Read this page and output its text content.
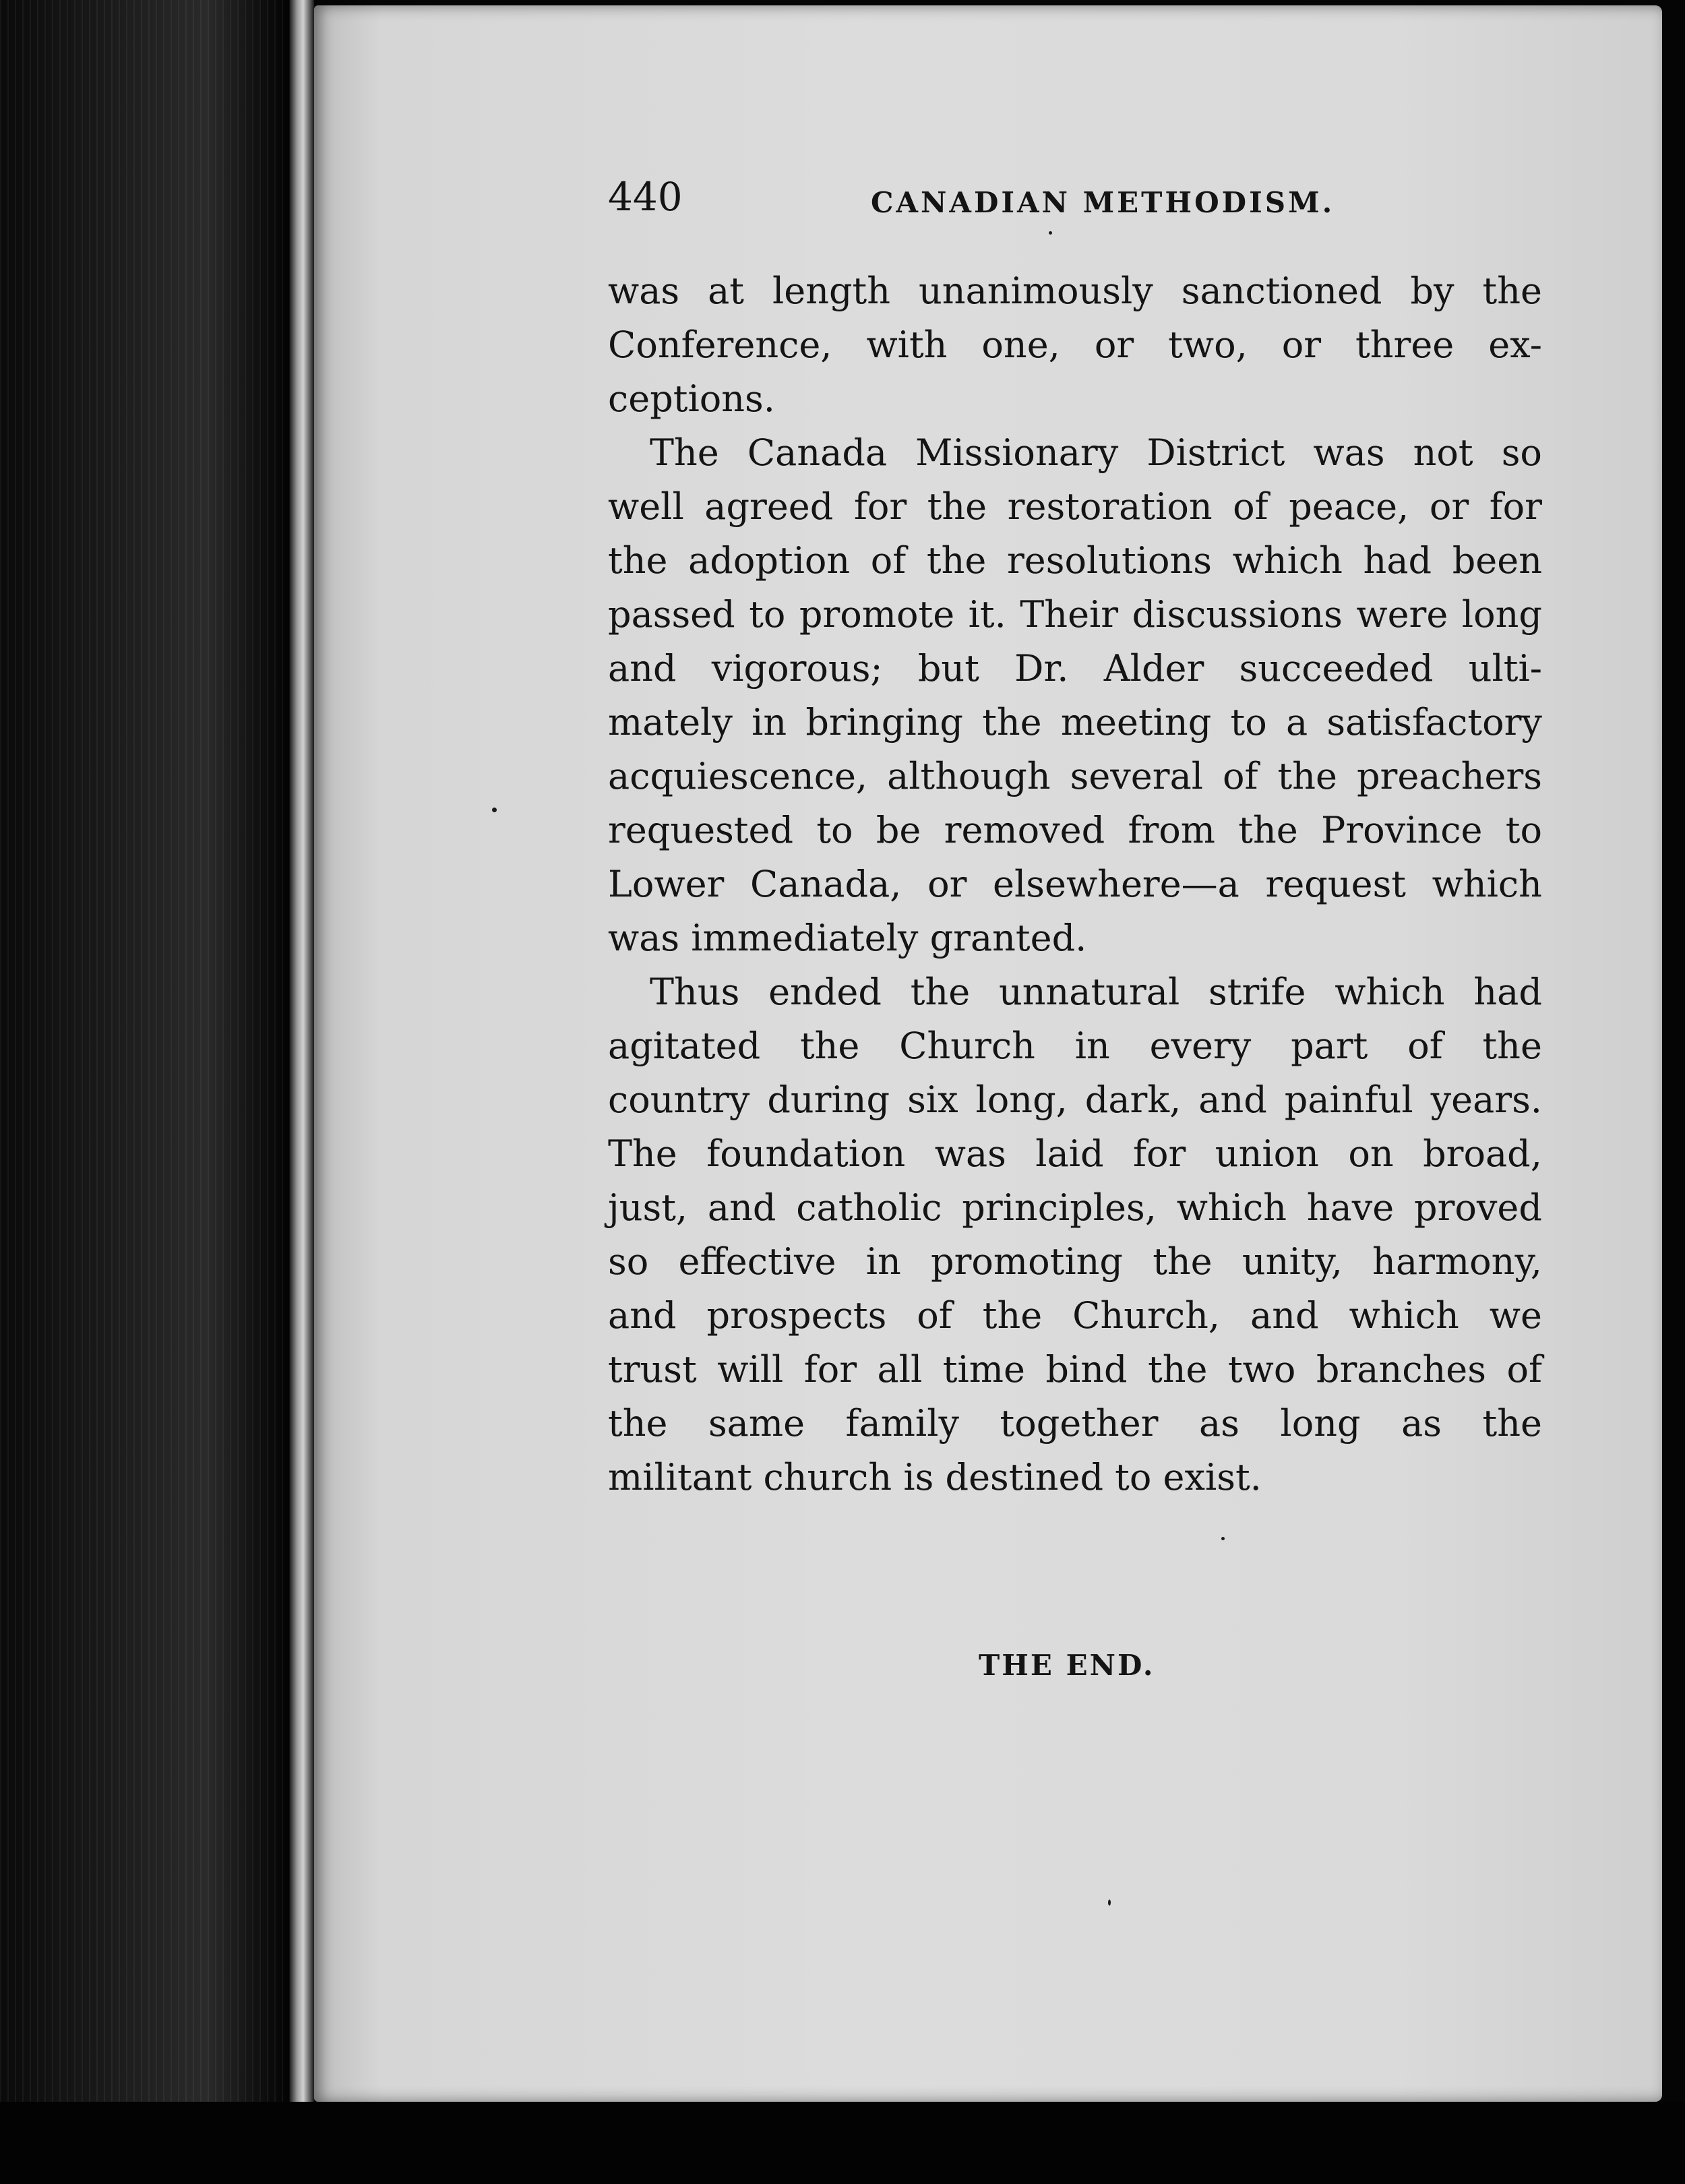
440	CANADIAN METHODISM.
was at length unanimously sanctioned by the
Conference, with one, or two, or three ex-
ceptions.
The Canada Missionary District was not so
well agreed for the restoration of peace, or for
the adoption of the resolutions which had been
passed to promote it. Their discussions were long
and vigorous; but Dr. Alder succeeded ulti-
mately in bringing the meeting to a satisfactory
acquiescence, although several of the preachers
requested to be removed from the Province to
Lower Canada, or elsewhere—a request which
was immediately granted.
Thus ended the unnatural strife which had
agitated the Church in every part of the
country during six long, dark, and painful years.
The foundation was laid for union on broad,
just, and catholic principles, which have proved
so effective in promoting the unity, harmony,
and prospects of the Church, and which we
trust will for all time bind the two branches of
the same family together as long as the
militant church is destined to exist.
THE END.
